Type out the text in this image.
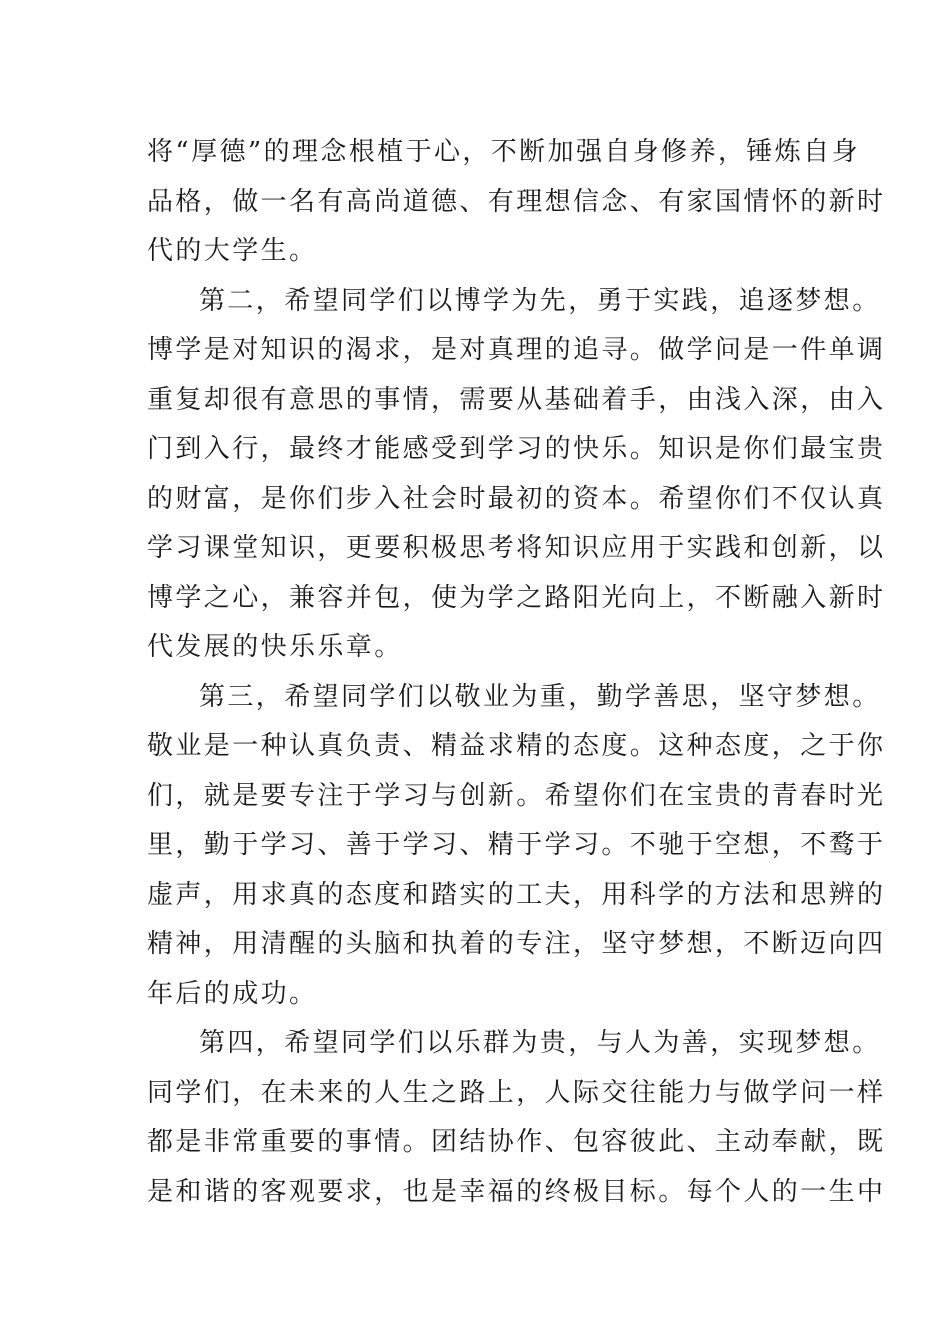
将“厚德”的理念根植于心，不断加强自身修养，锤炼自身
品格，做一名有高尚道德、有理想信念、有家国情怀的新时
代的大学生。
第二，希望同学们以博学为先，勇于实践，追逐梦想。
博学是对知识的渴求，是对真理的追寻。做学问是一件单调
重复却很有意思的事情，需要从基础着手，由浅入深，由入
门到入行，最终才能感受到学习的快乐。知识是你们最宝贵
的财富，是你们步入社会时最初的资本。希望你们不仅认真
学习课堂知识，更要积极思考将知识应用于实践和创新，以
博学之心，兼容并包，使为学之路阳光向上，不断融入新时
代发展的快乐乐章。
第三，希望同学们以敬业为重，勤学善思，坚守梦想。
敬业是一种认真负责、精益求精的态度。这种态度，之于你
们，就是要专注于学习与创新。希望你们在宝贵的青春时光
里，勤于学习、善于学习、精于学习。不驰于空想，不鹜于
虚声，用求真的态度和踏实的工夫，用科学的方法和思辨的
精神，用清醒的头脑和执着的专注，坚守梦想，不断迈向四
年后的成功。
第四，希望同学们以乐群为贵，与人为善，实现梦想。
同学们，在未来的人生之路上，人际交往能力与做学问一样
都是非常重要的事情。团结协作、包容彼此、主动奉献，既
是和谐的客观要求，也是幸福的终极目标。每个人的一生中
